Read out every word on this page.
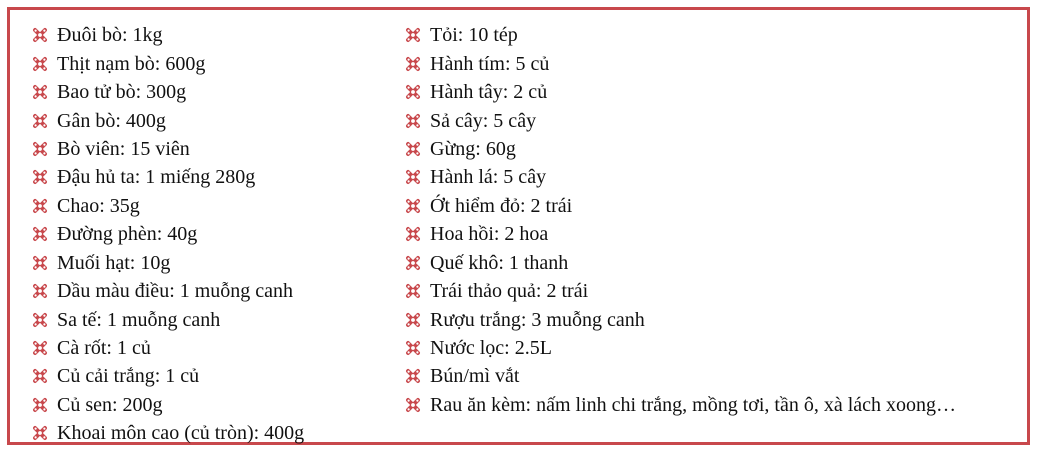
Đuôi bò: 1kg
Thịt nạm bò: 600g
Bao tử bò: 300g
Gân bò: 400g
Bò viên: 15 viên
Đậu hủ ta: 1 miếng 280g
Chao: 35g
Đường phèn: 40g
Muối hạt: 10g
Dầu màu điều: 1 muỗng canh
Sa tế: 1 muỗng canh
Cà rốt: 1 củ
Củ cải trắng: 1 củ
Củ sen: 200g
Khoai môn cao (củ tròn): 400g
Tỏi: 10 tép
Hành tím: 5 củ
Hành tây: 2 củ
Sả cây: 5 cây
Gừng: 60g
Hành lá: 5 cây
Ớt hiểm đỏ: 2 trái
Hoa hồi: 2 hoa
Quế khô: 1 thanh
Trái thảo quả: 2 trái
Rượu trắng: 3 muỗng canh
Nước lọc: 2.5L
Bún/mì vắt
Rau ăn kèm: nấm linh chi trắng, mồng tơi, tần ô, xà lách xoong…
